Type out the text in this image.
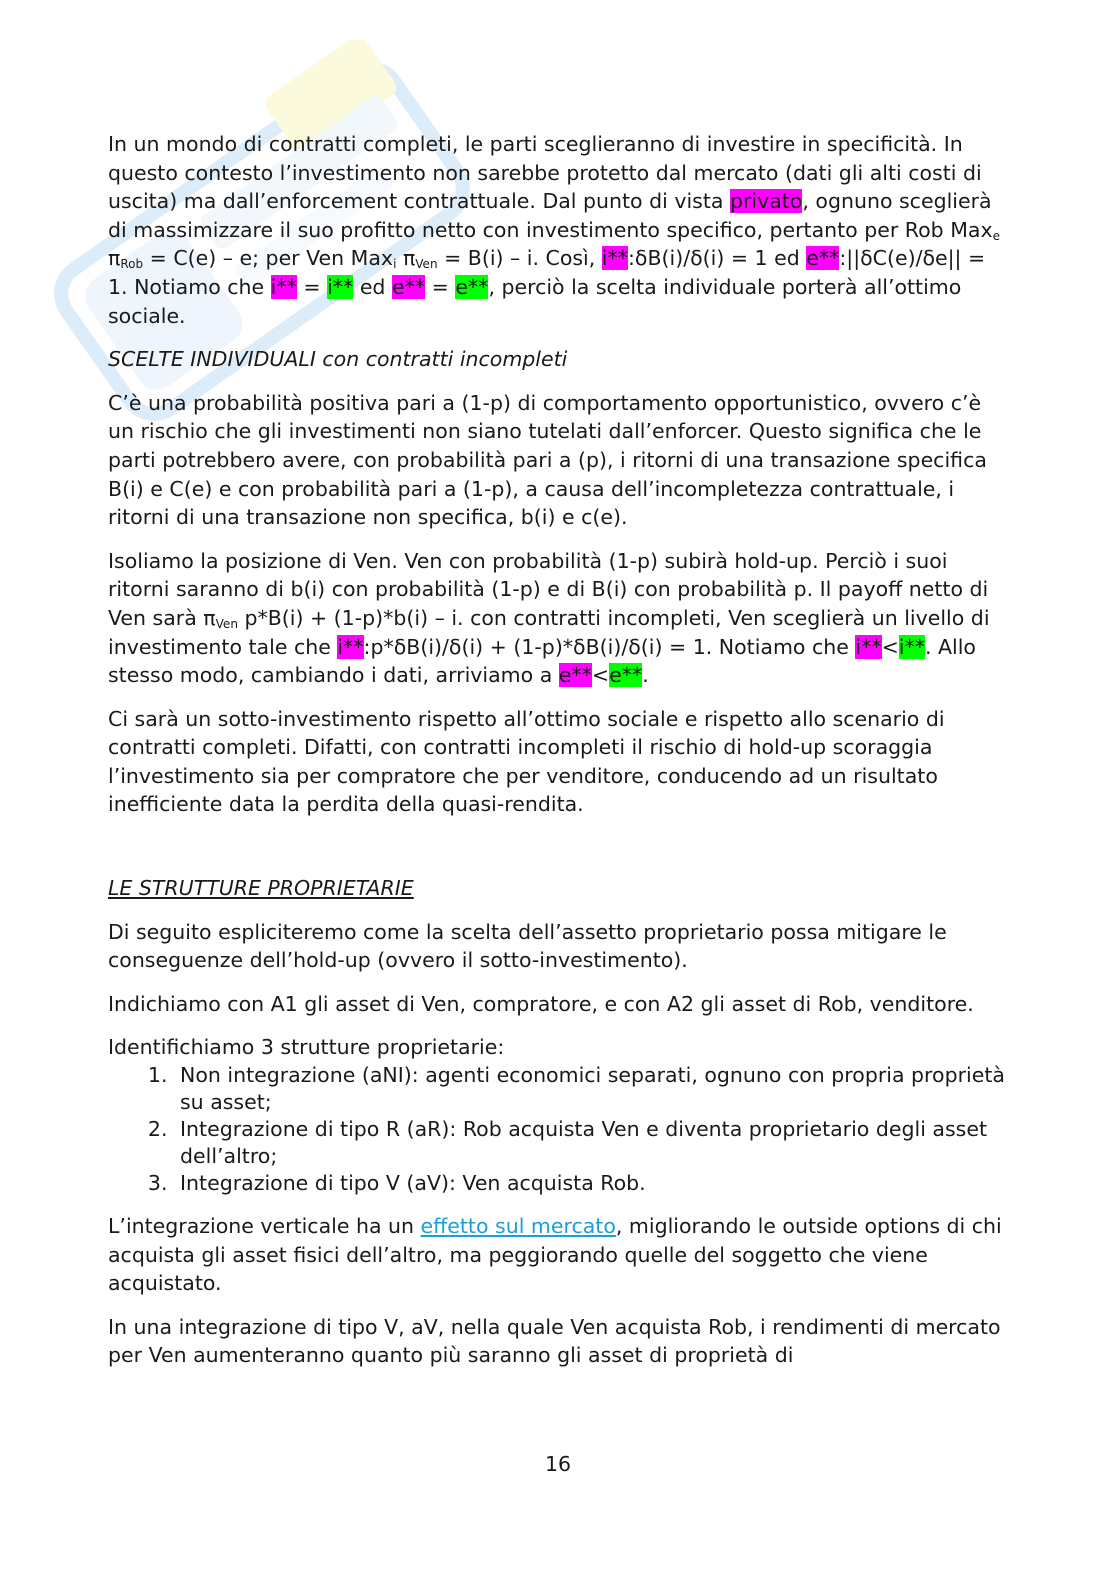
In un mondo di contratti completi, le parti sceglieranno di investire in specificità. In questo contesto l’investimento non sarebbe protetto dal mercato (dati gli alti costi di uscita) ma dall’enforcement contrattuale. Dal punto di vista privato, ognuno sceglierà di massimizzare il suo profitto netto con investimento specifico, pertanto per Rob Max$_e$ $\pi_{Rob} = C(e) - e$; per Ven Max$_i$ $\pi_{Ven} = B(i) - i$. Così, i**:δB(i)/δ(i) = 1 ed e**:||δC(e)/δe|| = 1. Notiamo che i** = i** ed e** = e**, perciò la scelta individuale porterà all’ottimo sociale.

SCELTE INDIVIDUALI con contratti incompleti

C’è una probabilità positiva pari a (1-p) di comportamento opportunistico, ovvero c’è un rischio che gli investimenti non siano tutelati dall’enforcer. Questo significa che le parti potrebbero avere, con probabilità pari a (p), i ritorni di una transazione specifica B(i) e C(e) e con probabilità pari a (1-p), a causa dell’incompletezza contrattuale, i ritorni di una transazione non specifica, b(i) e c(e).

Isoliamo la posizione di Ven. Ven con probabilità (1-p) subirà hold-up. Perciò i suoi ritorni saranno di b(i) con probabilità (1-p) e di B(i) con probabilità p. Il payoff netto di Ven sarà $\pi_{Ven}$ p*B(i) + (1-p)*b(i) – i. con contratti incompleti, Ven sceglierà un livello di investimento tale che i**:p*δB(i)/δ(i) + (1-p)*δB(i)/δ(i) = 1. Notiamo che i**<i**. Allo stesso modo, cambiando i dati, arriviamo a e**<e**.

Ci sarà un sotto-investimento rispetto all’ottimo sociale e rispetto allo scenario di contratti completi. Difatti, con contratti incompleti il rischio di hold-up scoraggia l’investimento sia per compratore che per venditore, conducendo ad un risultato inefficiente data la perdita della quasi-rendita.

LE STRUTTURE PROPRIETARIE

Di seguito espliciteremo come la scelta dell’assetto proprietario possa mitigare le conseguenze dell’hold-up (ovvero il sotto-investimento).

Indichiamo con A1 gli asset di Ven, compratore, e con A2 gli asset di Rob, venditore.

Identifichiamo 3 strutture proprietarie:

1. Non integrazione (aNI): agenti economici separati, ognuno con propria proprietà su asset;
2. Integrazione di tipo R (aR): Rob acquista Ven e diventa proprietario degli asset dell’altro;
3. Integrazione di tipo V (aV): Ven acquista Rob.

L’integrazione verticale ha un effetto sul mercato, migliorando le outside options di chi acquista gli asset fisici dell’altro, ma peggiorando quelle del soggetto che viene acquistato.

In una integrazione di tipo V, aV, nella quale Ven acquista Rob, i rendimenti di mercato per Ven aumenteranno quanto più saranno gli asset di proprietà di

16
